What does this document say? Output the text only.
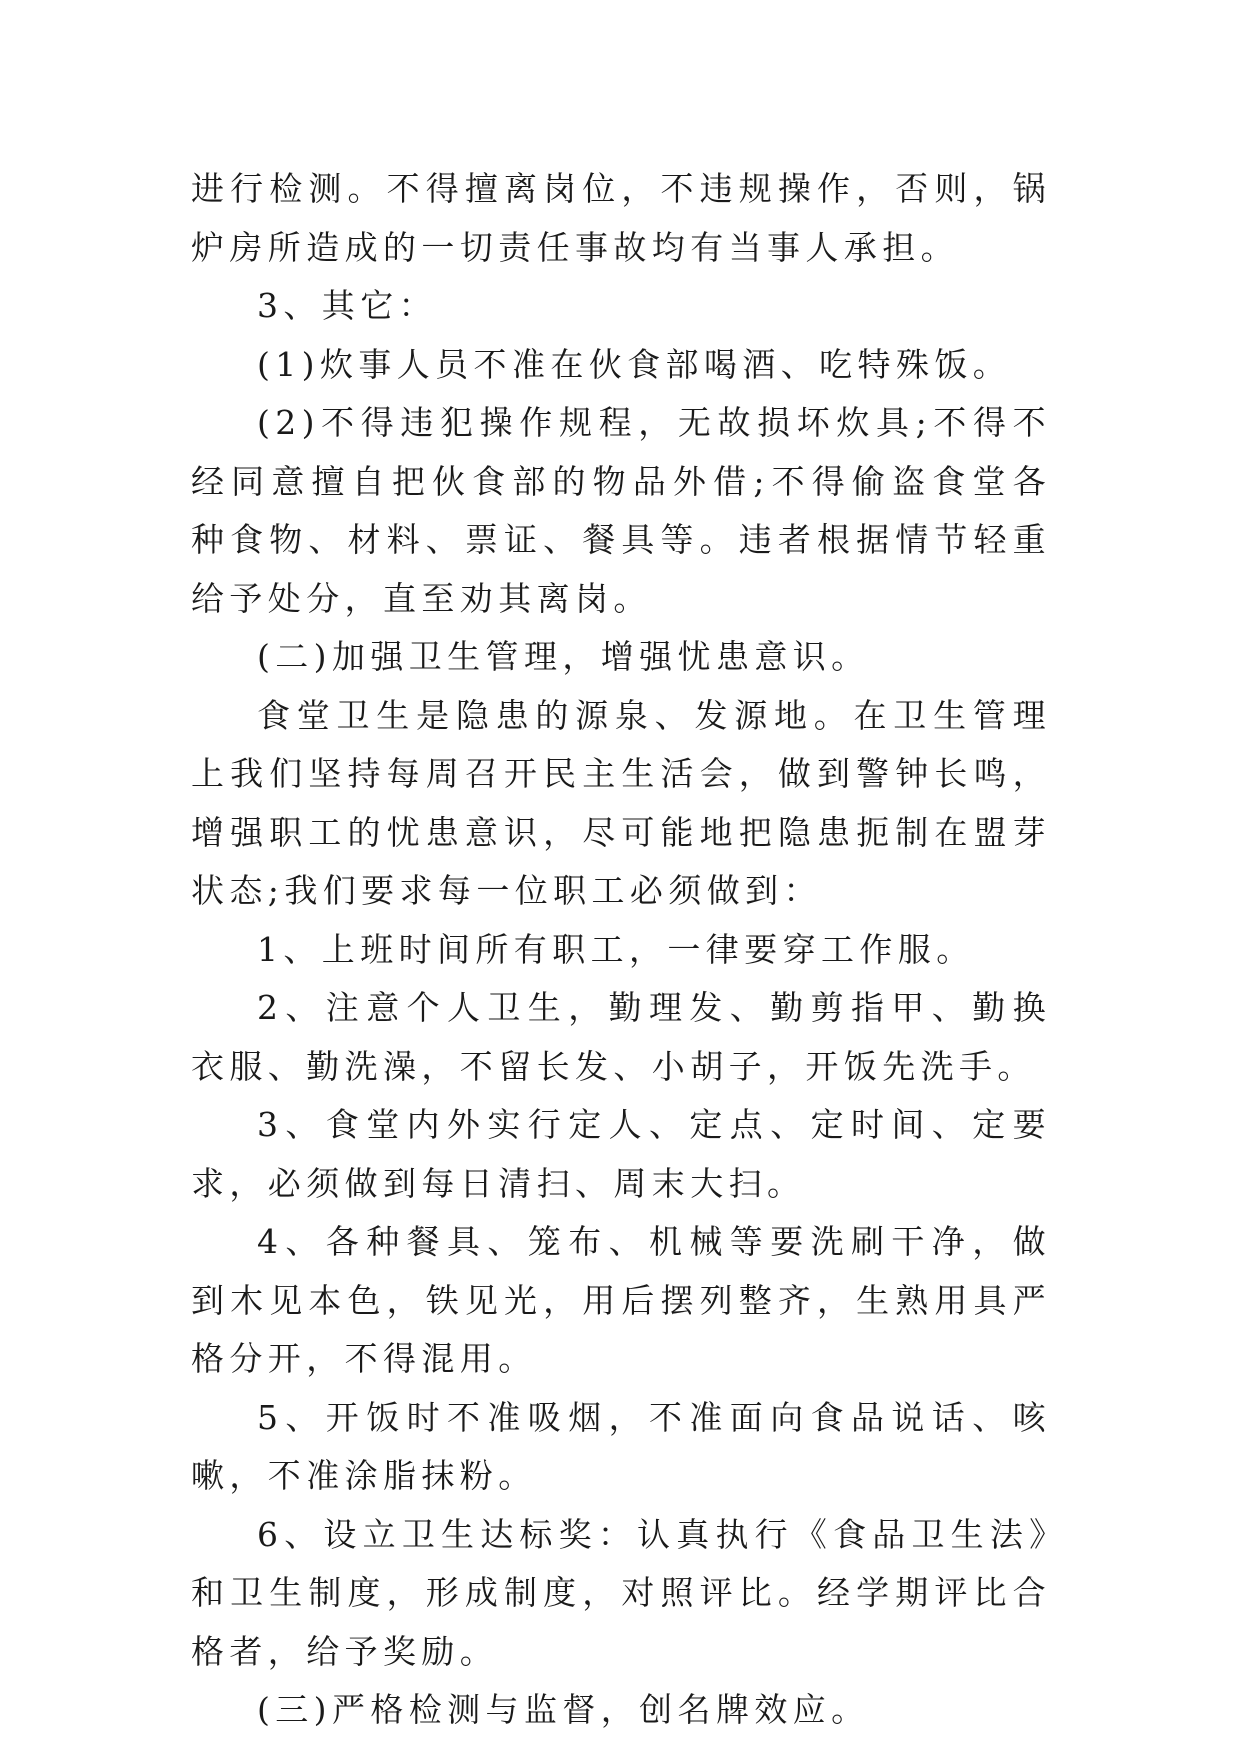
进行检测。不得擅离岗位，不违规操作，否则，锅炉房所造成的一切责任事故均有当事人承担。

3、其它：

(1)炊事人员不准在伙食部喝酒、吃特殊饭。

(2)不得违犯操作规程，无故损坏炊具;不得不经同意擅自把伙食部的物品外借;不得偷盗食堂各种食物、材料、票证、餐具等。违者根据情节轻重给予处分，直至劝其离岗。

(二)加强卫生管理，增强忧患意识。

食堂卫生是隐患的源泉、发源地。在卫生管理上我们坚持每周召开民主生活会，做到警钟长鸣，增强职工的忧患意识，尽可能地把隐患扼制在盟芽状态;我们要求每一位职工必须做到：

1、上班时间所有职工，一律要穿工作服。

2、注意个人卫生，勤理发、勤剪指甲、勤换衣服、勤洗澡，不留长发、小胡子，开饭先洗手。

3、食堂内外实行定人、定点、定时间、定要求，必须做到每日清扫、周末大扫。

4、各种餐具、笼布、机械等要洗刷干净，做到木见本色，铁见光，用后摆列整齐，生熟用具严格分开，不得混用。

5、开饭时不准吸烟，不准面向食品说话、咳嗽，不准涂脂抹粉。

6、设立卫生达标奖：认真执行《食品卫生法》和卫生制度，形成制度，对照评比。经学期评比合格者，给予奖励。

(三)严格检测与监督，创名牌效应。
